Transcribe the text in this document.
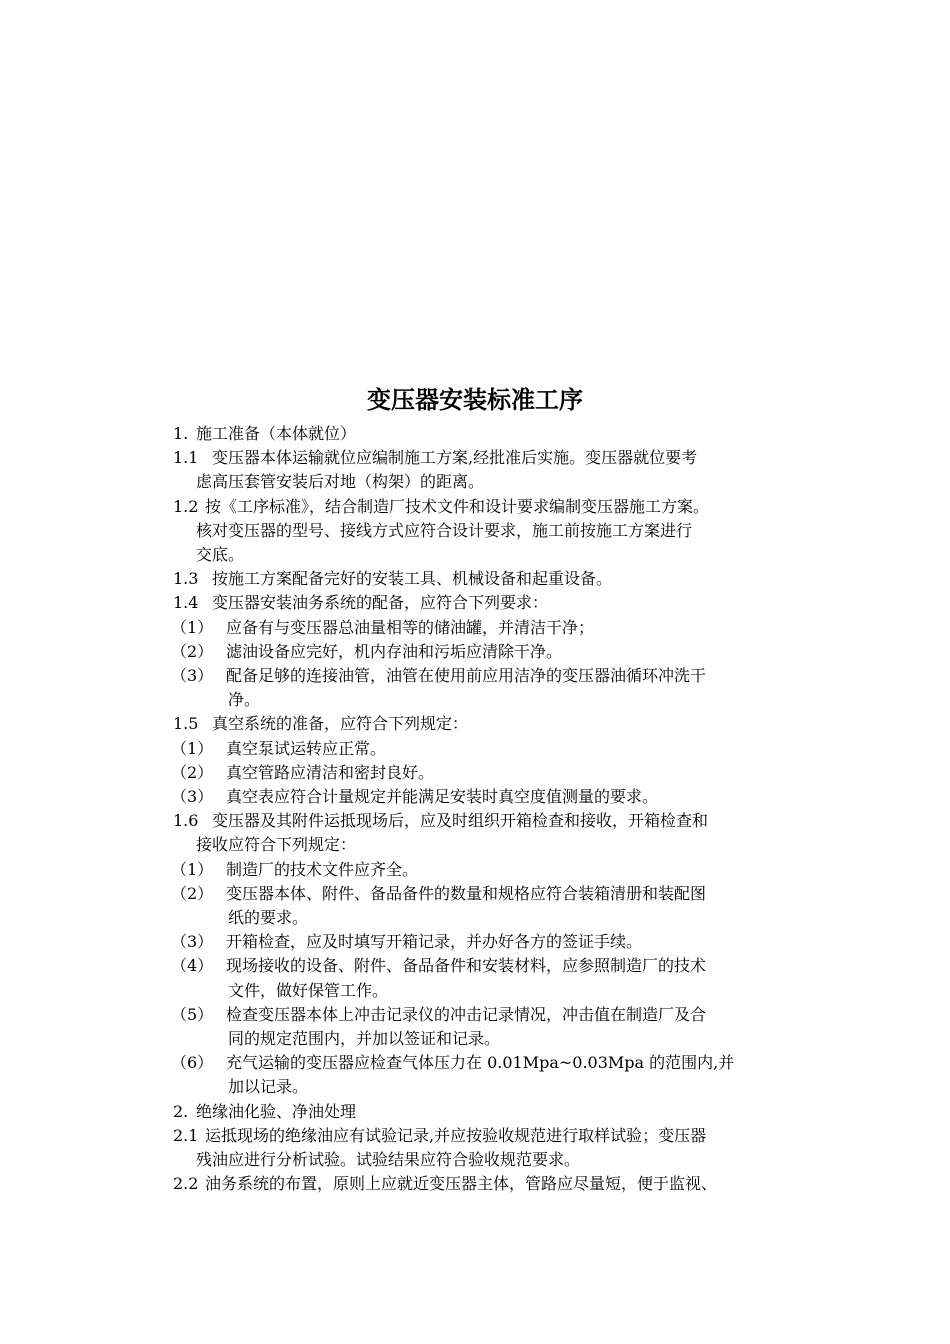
变压器安装标准工序
1. 施工准备（本体就位）
1.1 变压器本体运输就位应编制施工方案,经批准后实施。变压器就位要考
虑高压套管安装后对地（构架）的距离。
1.2 按《工序标准》，结合制造厂技术文件和设计要求编制变压器施工方案。
核对变压器的型号、接线方式应符合设计要求，施工前按施工方案进行
交底。
1.3 按施工方案配备完好的安装工具、机械设备和起重设备。
1.4 变压器安装油务系统的配备，应符合下列要求：
（1） 应备有与变压器总油量相等的储油罐，并清洁干净；
（2） 滤油设备应完好，机内存油和污垢应清除干净。
（3） 配备足够的连接油管，油管在使用前应用洁净的变压器油循环冲洗干
净。
1.5 真空系统的准备，应符合下列规定：
（1） 真空泵试运转应正常。
（2） 真空管路应清洁和密封良好。
（3） 真空表应符合计量规定并能满足安装时真空度值测量的要求。
1.6 变压器及其附件运抵现场后，应及时组织开箱检查和接收，开箱检查和
接收应符合下列规定：
（1） 制造厂的技术文件应齐全。
（2） 变压器本体、附件、备品备件的数量和规格应符合装箱清册和装配图
纸的要求。
（3） 开箱检查，应及时填写开箱记录，并办好各方的签证手续。
（4） 现场接收的设备、附件、备品备件和安装材料，应参照制造厂的技术
文件，做好保管工作。
（5） 检查变压器本体上冲击记录仪的冲击记录情况，冲击值在制造厂及合
同的规定范围内，并加以签证和记录。
（6） 充气运输的变压器应检查气体压力在 0.01Mpa~0.03Mpa 的范围内,并
加以记录。
2. 绝缘油化验、净油处理
2.1 运抵现场的绝缘油应有试验记录,并应按验收规范进行取样试验；变压器
残油应进行分析试验。试验结果应符合验收规范要求。
2.2 油务系统的布置，原则上应就近变压器主体，管路应尽量短，便于监视、
